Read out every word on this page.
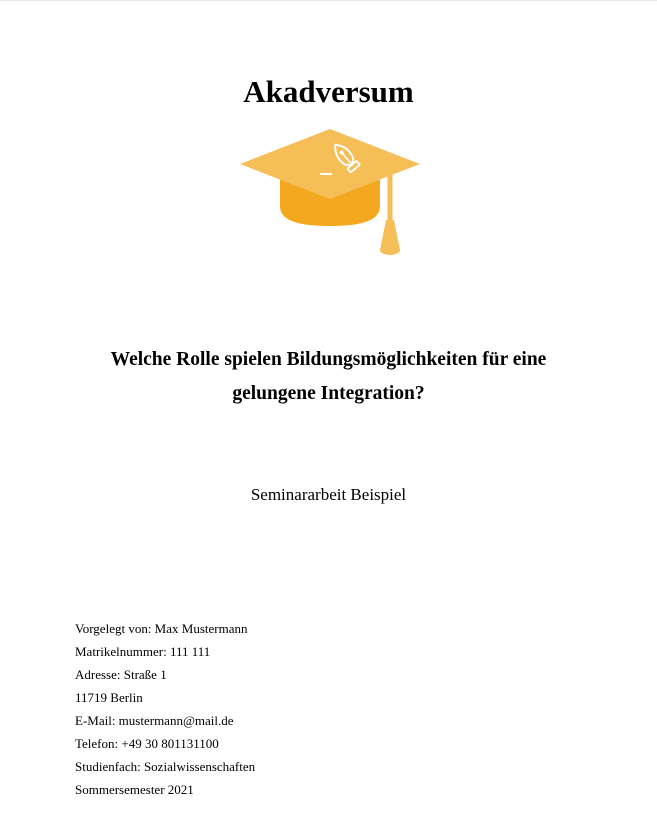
Akadversum
Welche Rolle spielen Bildungsmöglichkeiten für eine
gelungene Integration?
Seminararbeit Beispiel
Vorgelegt von: Max Mustermann
Matrikelnummer: 111 111
Adresse: Straße 1
11719 Berlin
E-Mail: mustermann@mail.de
Telefon: +49 30 801131100
Studienfach: Sozialwissenschaften
Sommersemester 2021
